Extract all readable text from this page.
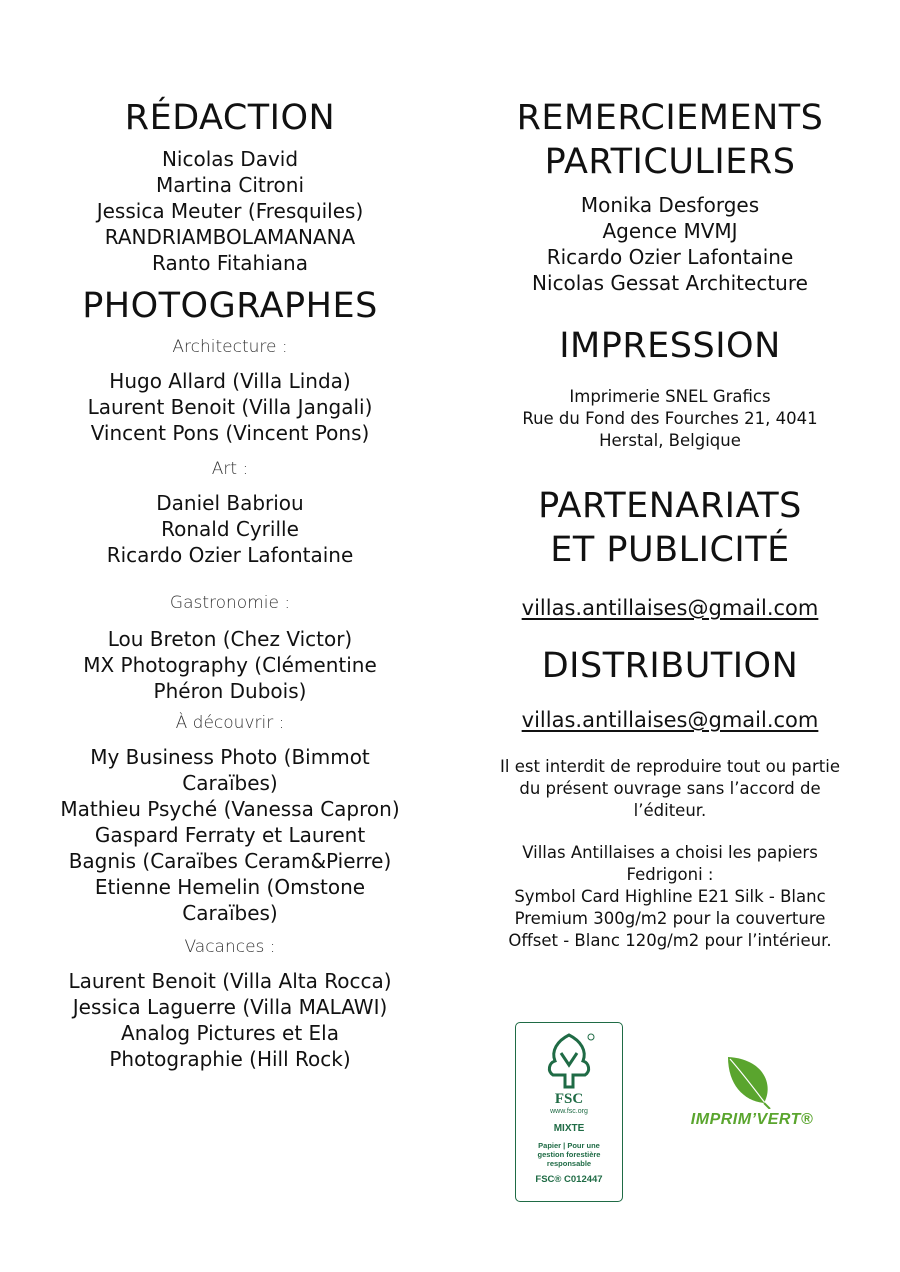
RÉDACTION
Nicolas David
Martina Citroni
Jessica Meuter (Fresquiles)
RANDRIAMBOLAMANANA
Ranto Fitahiana
PHOTOGRAPHES
Architecture :
Hugo Allard (Villa Linda)
Laurent Benoit (Villa Jangali)
Vincent Pons (Vincent Pons)
Art :
Daniel Babriou
Ronald Cyrille
Ricardo Ozier Lafontaine
Gastronomie :
Lou Breton (Chez Victor)
MX Photography (Clémentine
Phéron Dubois)
À découvrir :
My Business Photo (Bimmot
Caraïbes)
Mathieu Psyché (Vanessa Capron)
Gaspard Ferraty et Laurent
Bagnis (Caraïbes Ceram&Pierre)
Etienne Hemelin (Omstone
Caraïbes)
Vacances :
Laurent Benoit (Villa Alta Rocca)
Jessica Laguerre (Villa MALAWI)
Analog Pictures et Ela
Photographie (Hill Rock)
REMERCIEMENTS
PARTICULIERS
Monika Desforges
Agence MVMJ
Ricardo Ozier Lafontaine
Nicolas Gessat Architecture
IMPRESSION
Imprimerie SNEL Grafics
Rue du Fond des Fourches 21, 4041
Herstal, Belgique
PARTENARIATS
ET PUBLICITÉ
villas.antillaises@gmail.com
DISTRIBUTION
villas.antillaises@gmail.com
Il est interdit de reproduire tout ou partie
du présent ouvrage sans l’accord de
l’éditeur.
Villas Antillaises a choisi les papiers
Fedrigoni :
Symbol Card Highline E21 Silk - Blanc
Premium 300g/m2 pour la couverture
Offset - Blanc 120g/m2 pour l’intérieur.
FSC
www.fsc.org
MIXTE
Papier | Pour une
gestion forestière
responsable
FSC® C012447
IMPRIM’VERT®
